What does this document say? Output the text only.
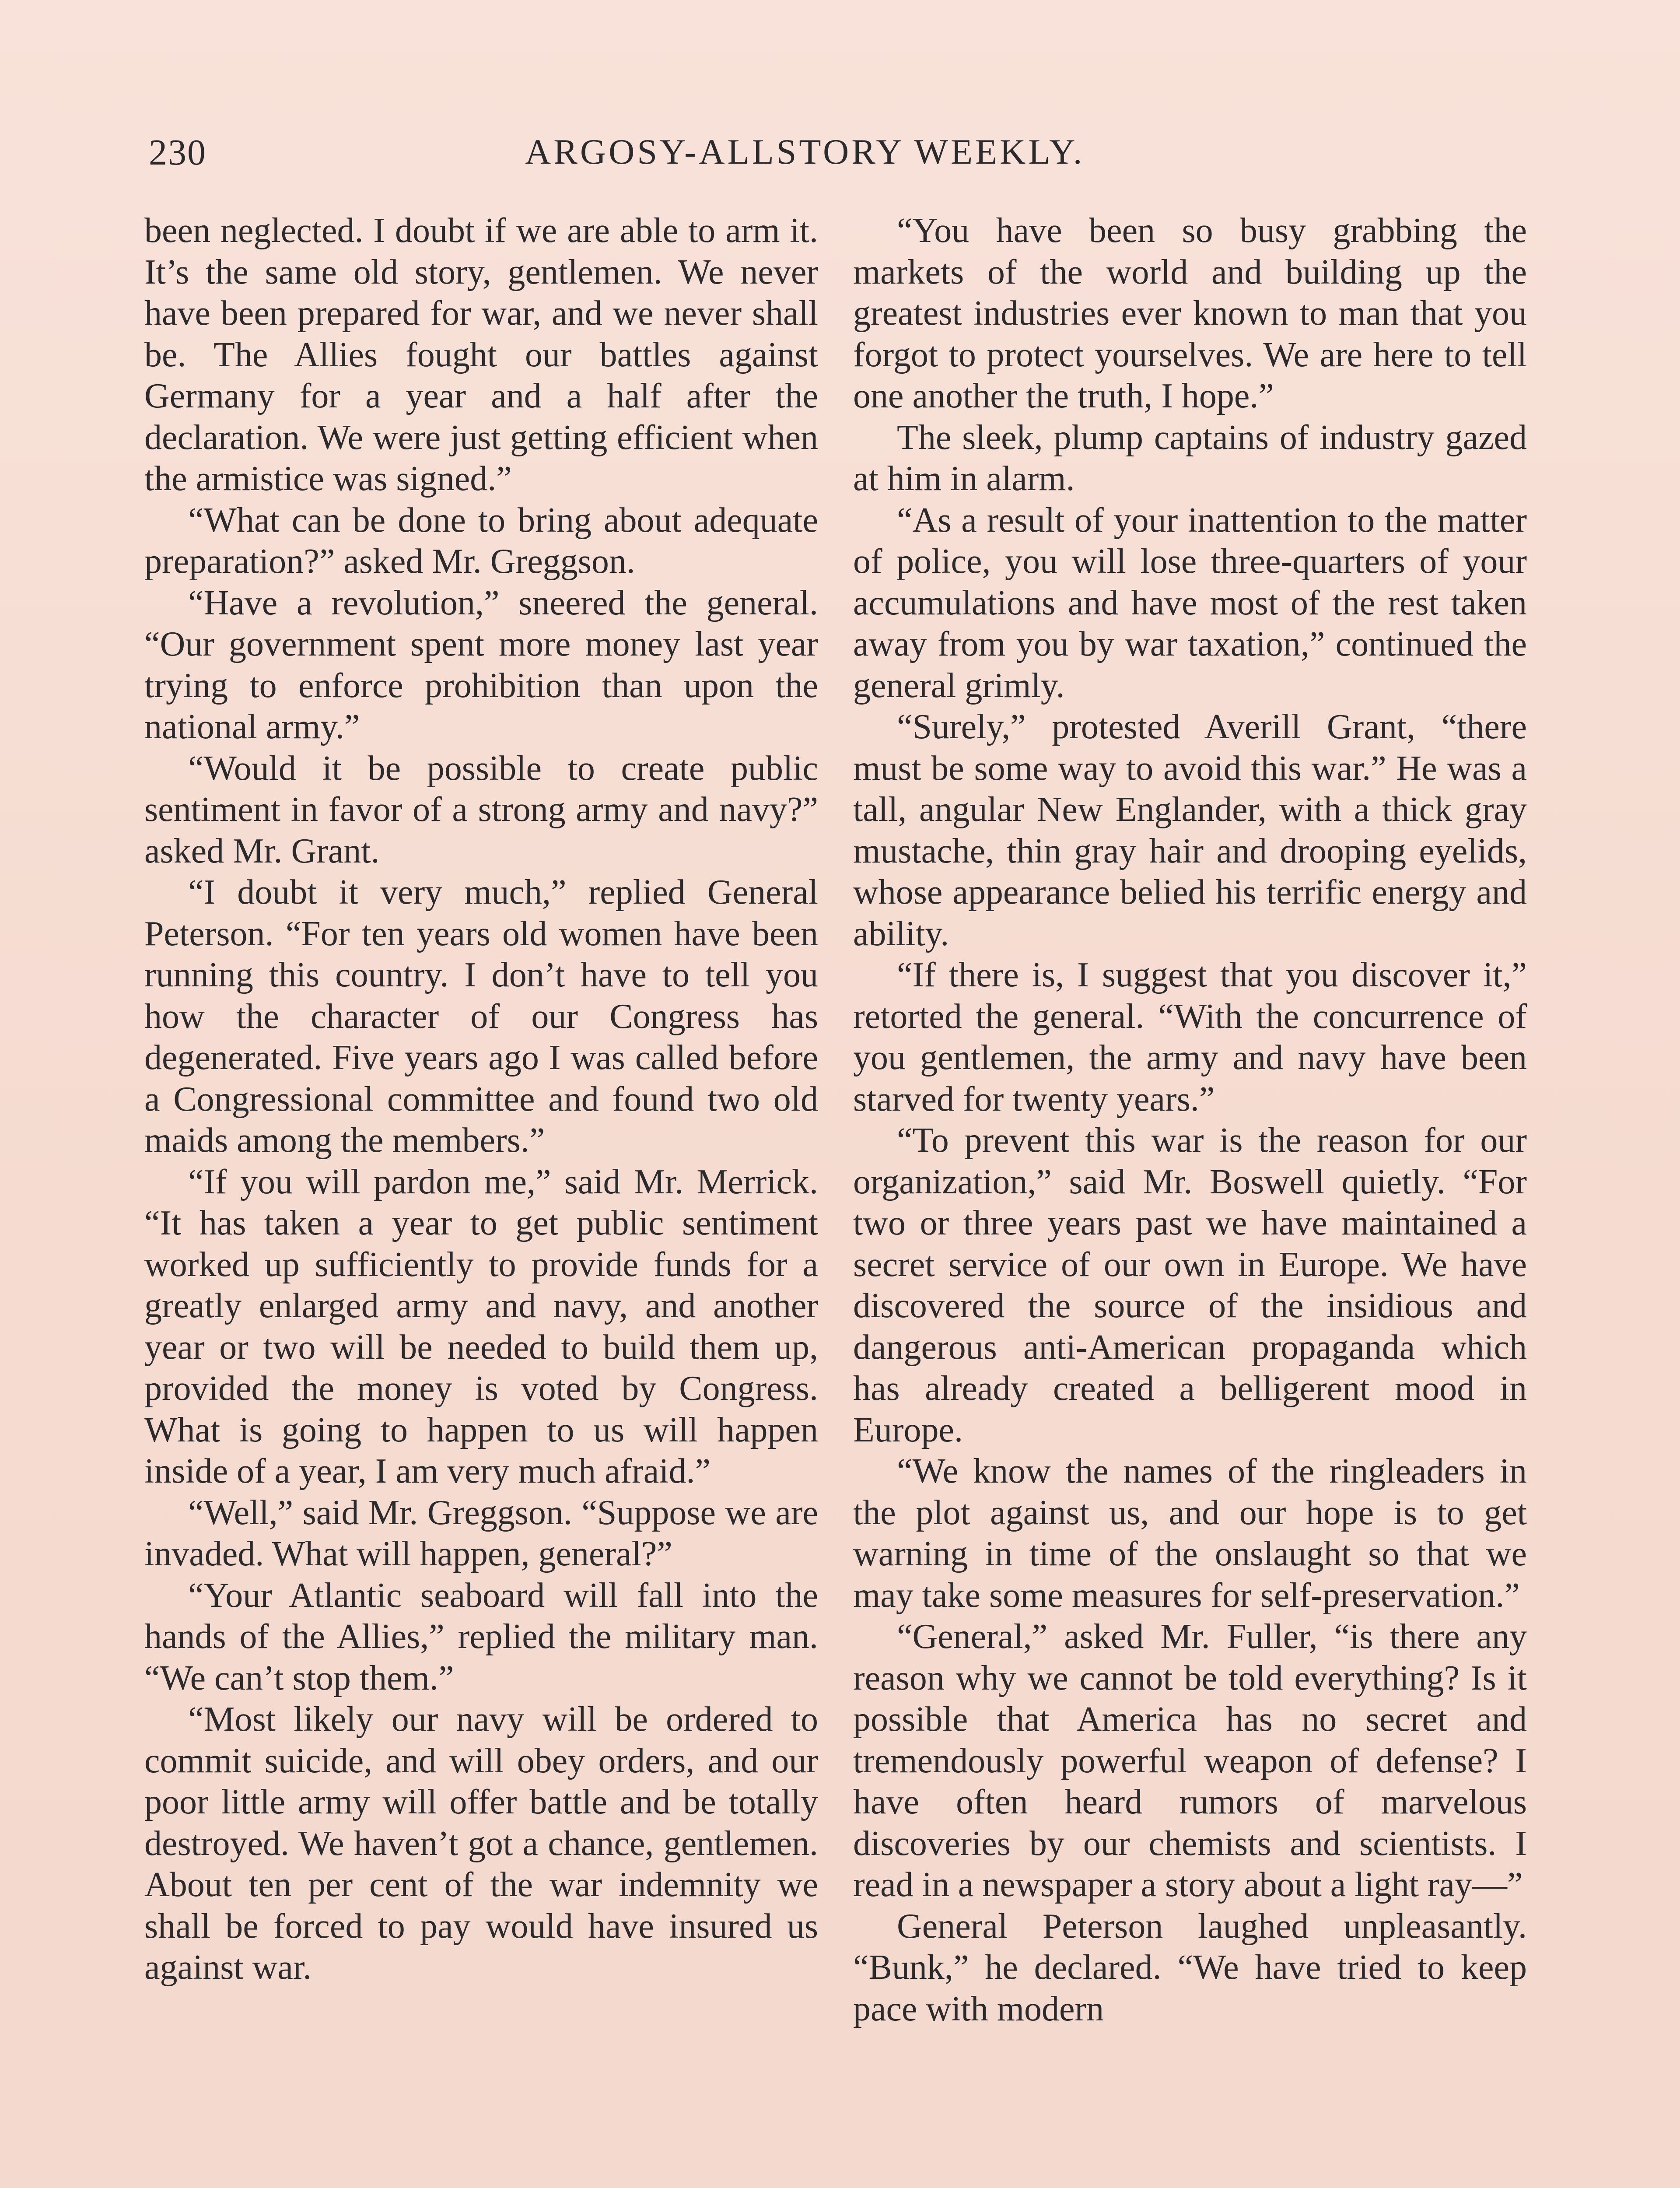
230	ARGOSY-ALLSTORY WEEKLY.

been neglected. I doubt if we are able to arm it. It’s the same old story, gentlemen. We never have been prepared for war, and we never shall be. The Allies fought our battles against Germany for a year and a half after the declaration. We were just getting efficient when the armistice was signed.”

“What can be done to bring about adequate preparation?” asked Mr. Greggson.

“Have a revolution,” sneered the general. “Our government spent more money last year trying to enforce prohibition than upon the national army.”

“Would it be possible to create public sentiment in favor of a strong army and navy?” asked Mr. Grant.

“I doubt it very much,” replied General Peterson. “For ten years old women have been running this country. I don’t have to tell you how the character of our Congress has degenerated. Five years ago I was called before a Congressional committee and found two old maids among the members.”

“If you will pardon me,” said Mr. Merrick. “It has taken a year to get public sentiment worked up sufficiently to provide funds for a greatly enlarged army and navy, and another year or two will be needed to build them up, provided the money is voted by Congress. What is going to happen to us will happen inside of a year, I am very much afraid.”

“Well,” said Mr. Greggson. “Suppose we are invaded. What will happen, general?”

“Your Atlantic seaboard will fall into the hands of the Allies,” replied the military man. “We can’t stop them.”

“Most likely our navy will be ordered to commit suicide, and will obey orders, and our poor little army will offer battle and be totally destroyed. We haven’t got a chance, gentlemen. About ten per cent of the war indemnity we shall be forced to pay would have insured us against war.

“You have been so busy grabbing the markets of the world and building up the greatest industries ever known to man that you forgot to protect yourselves. We are here to tell one another the truth, I hope.”

The sleek, plump captains of industry gazed at him in alarm.

“As a result of your inattention to the matter of police, you will lose three-quarters of your accumulations and have most of the rest taken away from you by war taxation,” continued the general grimly.

“Surely,” protested Averill Grant, “there must be some way to avoid this war.” He was a tall, angular New Englander, with a thick gray mustache, thin gray hair and drooping eyelids, whose appearance belied his terrific energy and ability.

“If there is, I suggest that you discover it,” retorted the general. “With the concurrence of you gentlemen, the army and navy have been starved for twenty years.”

“To prevent this war is the reason for our organization,” said Mr. Boswell quietly. “For two or three years past we have maintained a secret service of our own in Europe. We have discovered the source of the insidious and dangerous anti-American propaganda which has already created a belligerent mood in Europe.

“We know the names of the ringleaders in the plot against us, and our hope is to get warning in time of the onslaught so that we may take some measures for self-preservation.”

“General,” asked Mr. Fuller, “is there any reason why we cannot be told everything? Is it possible that America has no secret and tremendously powerful weapon of defense? I have often heard rumors of marvelous discoveries by our chemists and scientists. I read in a newspaper a story about a light ray—”

General Peterson laughed unpleasantly. “Bunk,” he declared. “We have tried to keep pace with modern
